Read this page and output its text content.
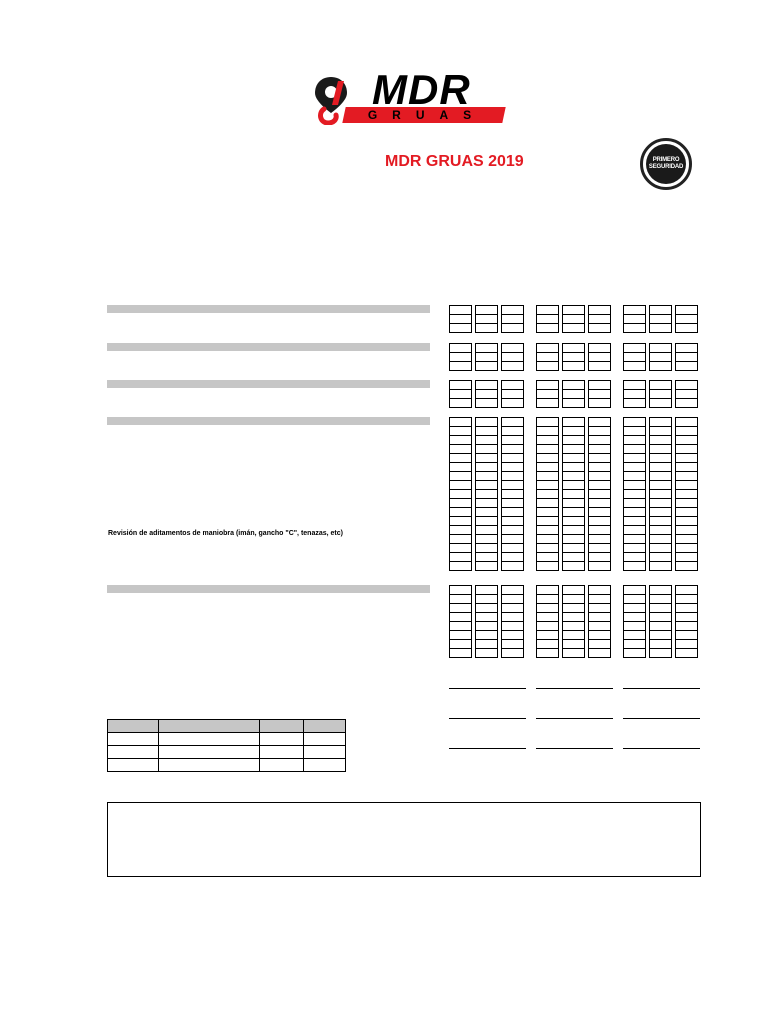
MDR
GRUAS
MDR GRUAS 2019	PRIMERO
SEGURIDAD
Revisión de aditamentos de maniobra (imán, gancho "C", tenazas, etc)
